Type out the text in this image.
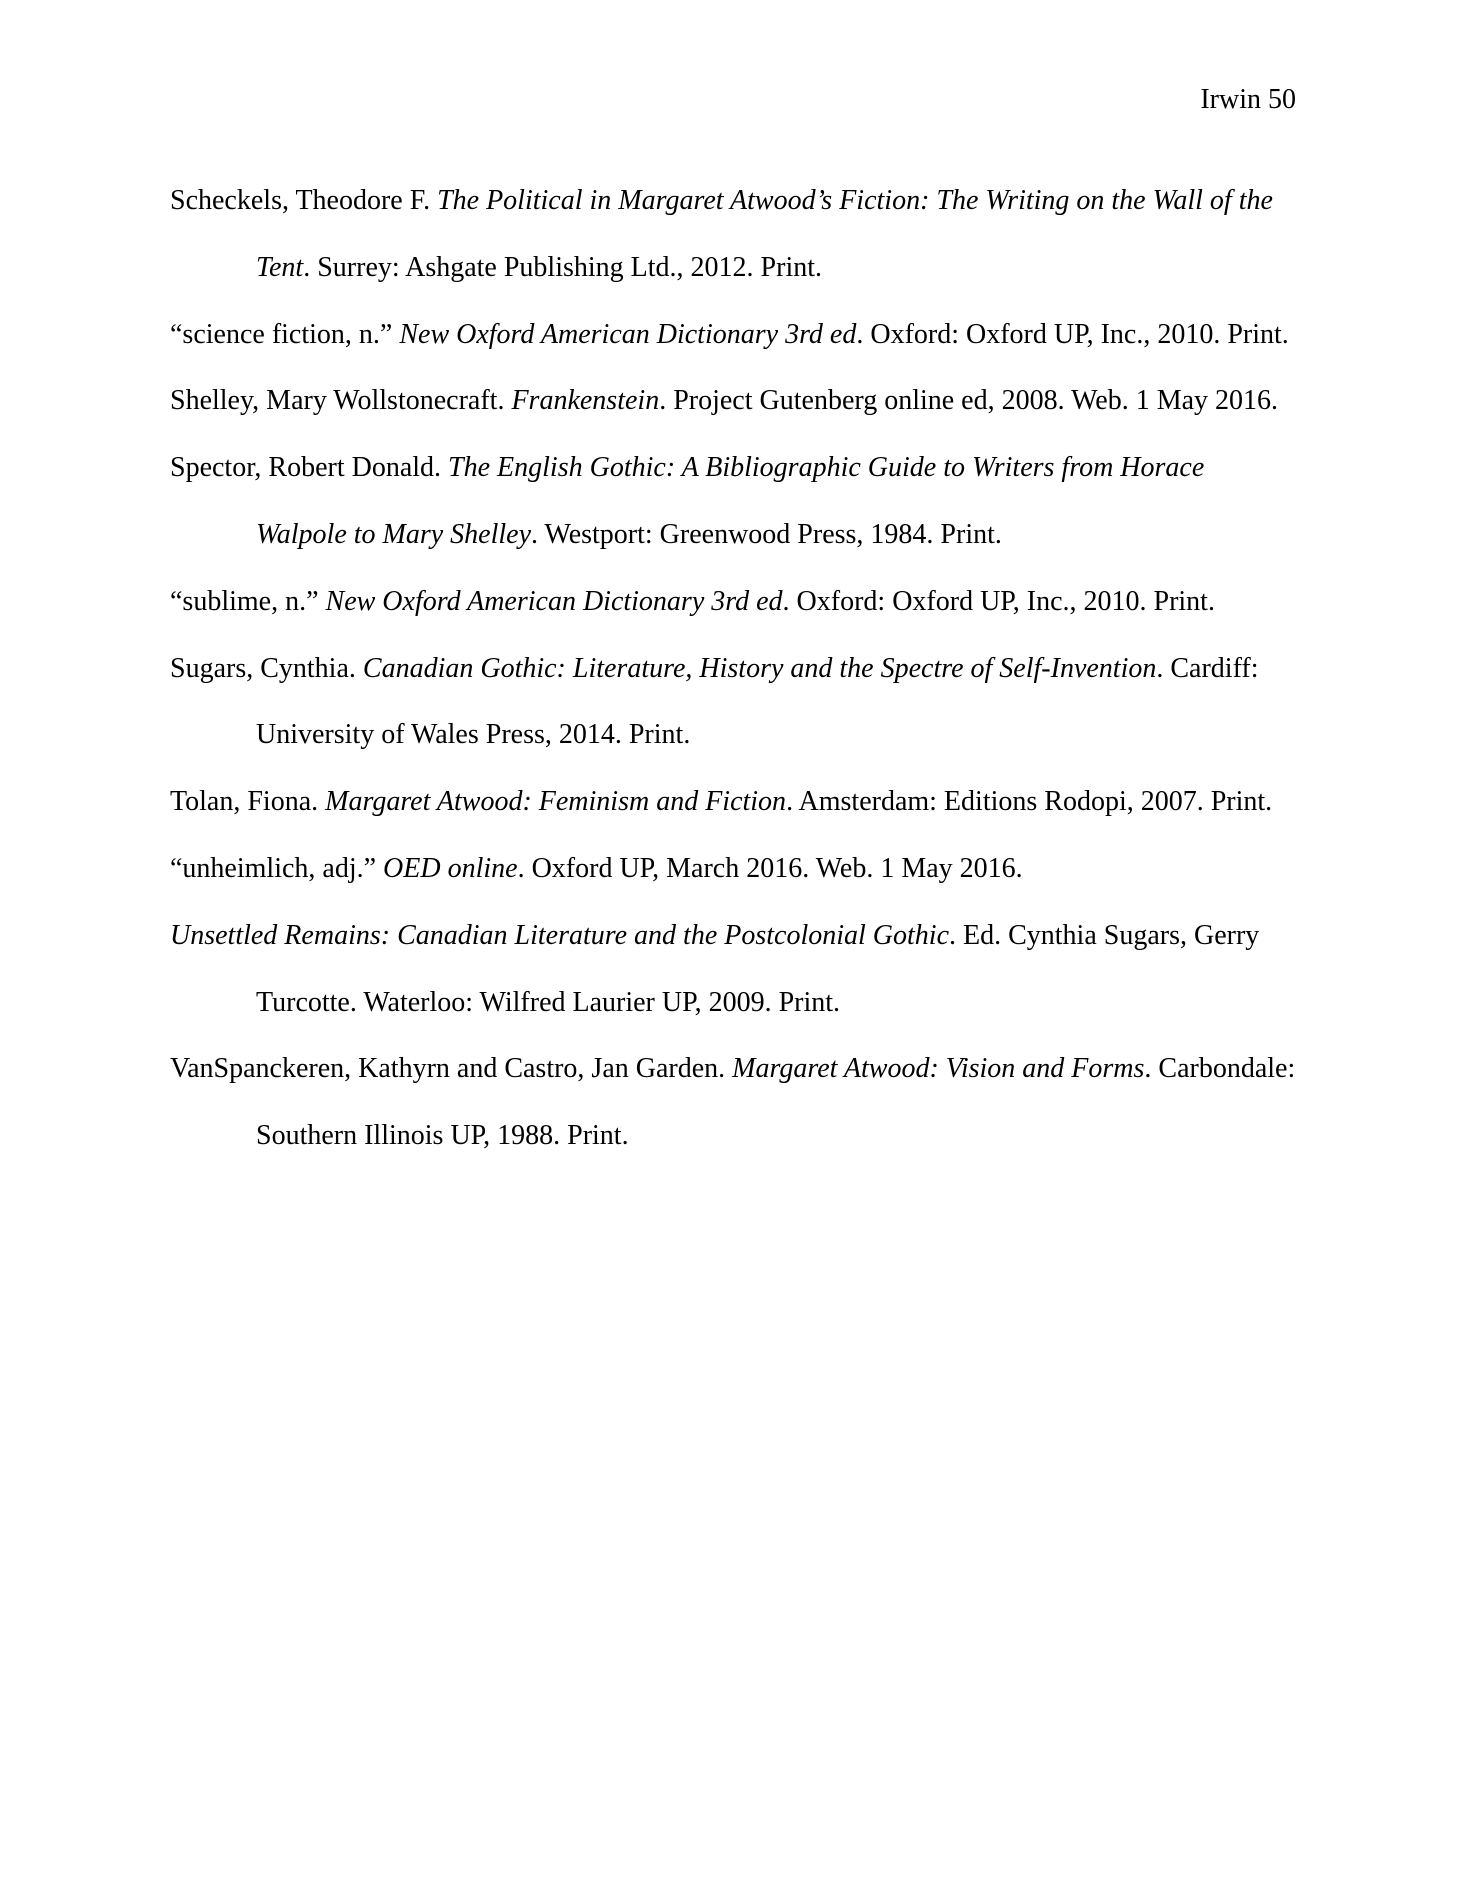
Irwin 50

Scheckels, Theodore F. The Political in Margaret Atwood’s Fiction: The Writing on the Wall of the Tent. Surrey: Ashgate Publishing Ltd., 2012. Print.
“science fiction, n.” New Oxford American Dictionary 3rd ed. Oxford: Oxford UP, Inc., 2010. Print.
Shelley, Mary Wollstonecraft. Frankenstein. Project Gutenberg online ed, 2008. Web. 1 May 2016.
Spector, Robert Donald. The English Gothic: A Bibliographic Guide to Writers from Horace Walpole to Mary Shelley. Westport: Greenwood Press, 1984. Print.
“sublime, n.” New Oxford American Dictionary 3rd ed. Oxford: Oxford UP, Inc., 2010. Print.
Sugars, Cynthia. Canadian Gothic: Literature, History and the Spectre of Self-Invention. Cardiff: University of Wales Press, 2014. Print.
Tolan, Fiona. Margaret Atwood: Feminism and Fiction. Amsterdam: Editions Rodopi, 2007. Print.
“unheimlich, adj.” OED online. Oxford UP, March 2016. Web. 1 May 2016.
Unsettled Remains: Canadian Literature and the Postcolonial Gothic. Ed. Cynthia Sugars, Gerry Turcotte. Waterloo: Wilfred Laurier UP, 2009. Print.
VanSpanckeren, Kathyrn and Castro, Jan Garden. Margaret Atwood: Vision and Forms. Carbondale: Southern Illinois UP, 1988. Print.
